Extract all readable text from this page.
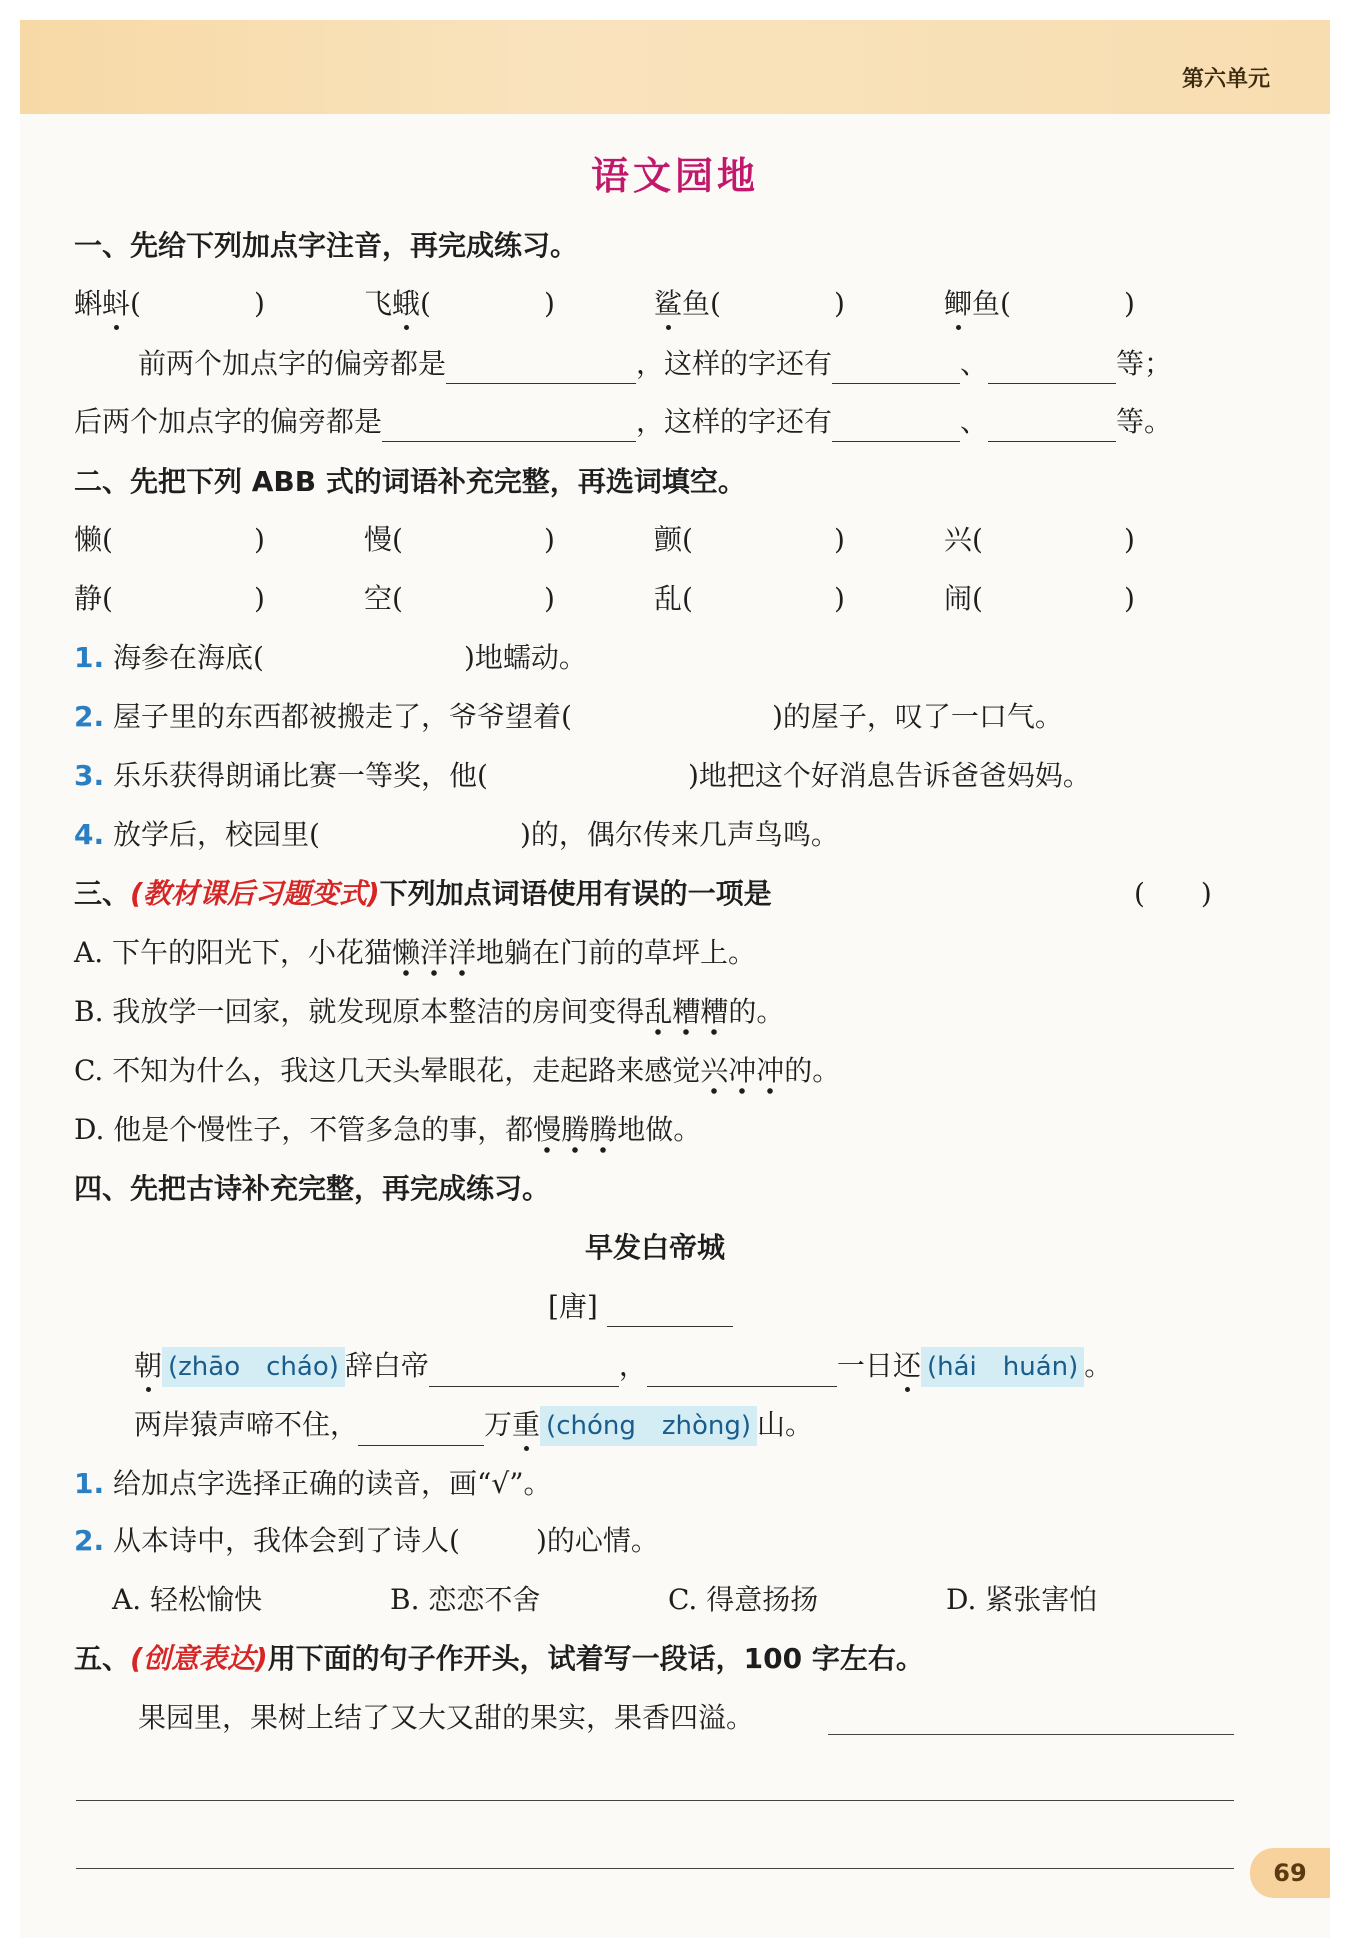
第六单元
语文园地
一、先给下列加点字注音，再完成练习。
蝌蚪(	)	飞蛾(	)	鲨鱼(	)	鲫鱼(	)
前两个加点字的偏旁都是	，这样的字还有	、	等；
后两个加点字的偏旁都是	，这样的字还有	、	等。
二、先把下列 ABB 式的词语补充完整，再选词填空。
懒(	)	慢(	)	颤(	)	兴(	)
静(	)	空(	)	乱(	)	闹(	)
1. 海参在海底(	)地蠕动。
2. 屋子里的东西都被搬走了，爷爷望着(	)的屋子，叹了一口气。
3. 乐乐获得朗诵比赛一等奖，他(	)地把这个好消息告诉爸爸妈妈。
4. 放学后，校园里(	)的，偶尔传来几声鸟鸣。
三、(教材课后习题变式)下列加点词语使用有误的一项是	(　　)
A. 下午的阳光下，小花猫懒洋洋地躺在门前的草坪上。
B. 我放学一回家，就发现原本整洁的房间变得乱糟糟的。
C. 不知为什么，我这几天头晕眼花，走起路来感觉兴冲冲的。
D. 他是个慢性子，不管多急的事，都慢腾腾地做。
四、先把古诗补充完整，再完成练习。
早发白帝城
[唐]
朝 (zhāo　cháo) 辞白帝	，	一日还 (hái　huán) 。
两岸猿声啼不住，	万重 (chóng　zhòng) 山。
1. 给加点字选择正确的读音，画“√”。
2. 从本诗中，我体会到了诗人(	)的心情。
A. 轻松愉快	B. 恋恋不舍	C. 得意扬扬	D. 紧张害怕
五、(创意表达)用下面的句子作开头，试着写一段话，100 字左右。
果园里，果树上结了又大又甜的果实，果香四溢。
69
